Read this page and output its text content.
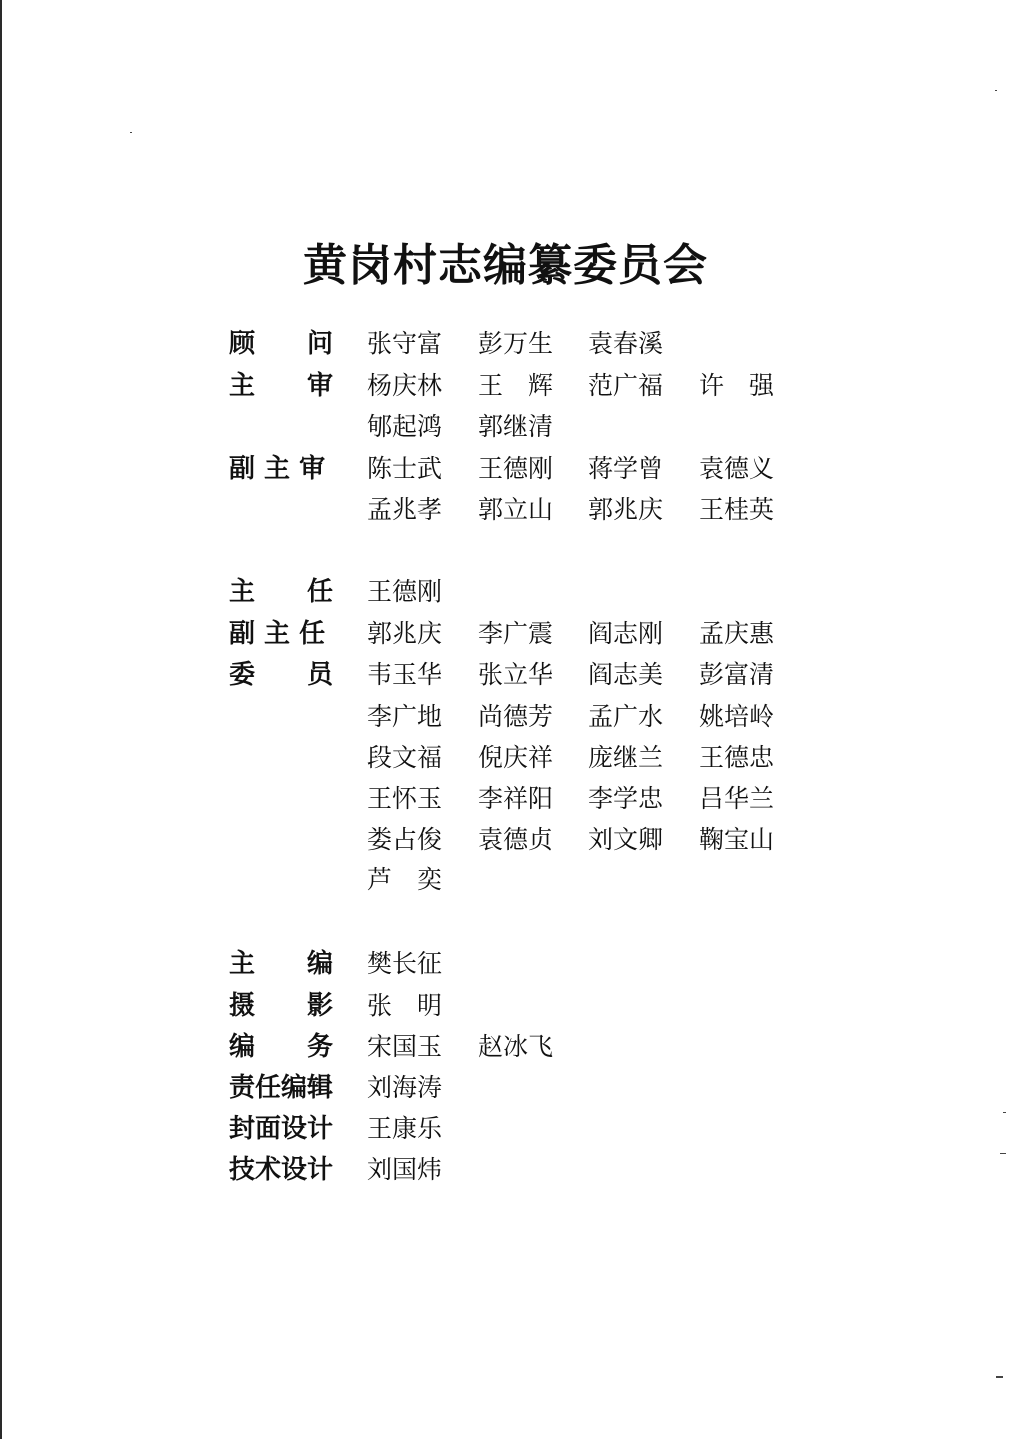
黄岗村志编纂委员会
顾　　问 张守富 彭万生 袁春溪
主　　审 杨庆林 王　辉 范广福 许　强
郇起鸿 郭继清
副 主 审 陈士武 王德刚 蒋学曾 袁德义
孟兆孝 郭立山 郭兆庆 王桂英
主　　任 王德刚
副 主 任 郭兆庆 李广震 阎志刚 孟庆惠
委　　员 韦玉华 张立华 阎志美 彭富清
李广地 尚德芳 孟广水 姚培岭
段文福 倪庆祥 庞继兰 王德忠
王怀玉 李祥阳 李学忠 吕华兰
娄占俊 袁德贞 刘文卿 鞠宝山
芦　奕
主　　编 樊长征
摄　　影 张　明
编　　务 宋国玉 赵冰飞
责任编辑 刘海涛
封面设计 王康乐
技术设计 刘国炜
